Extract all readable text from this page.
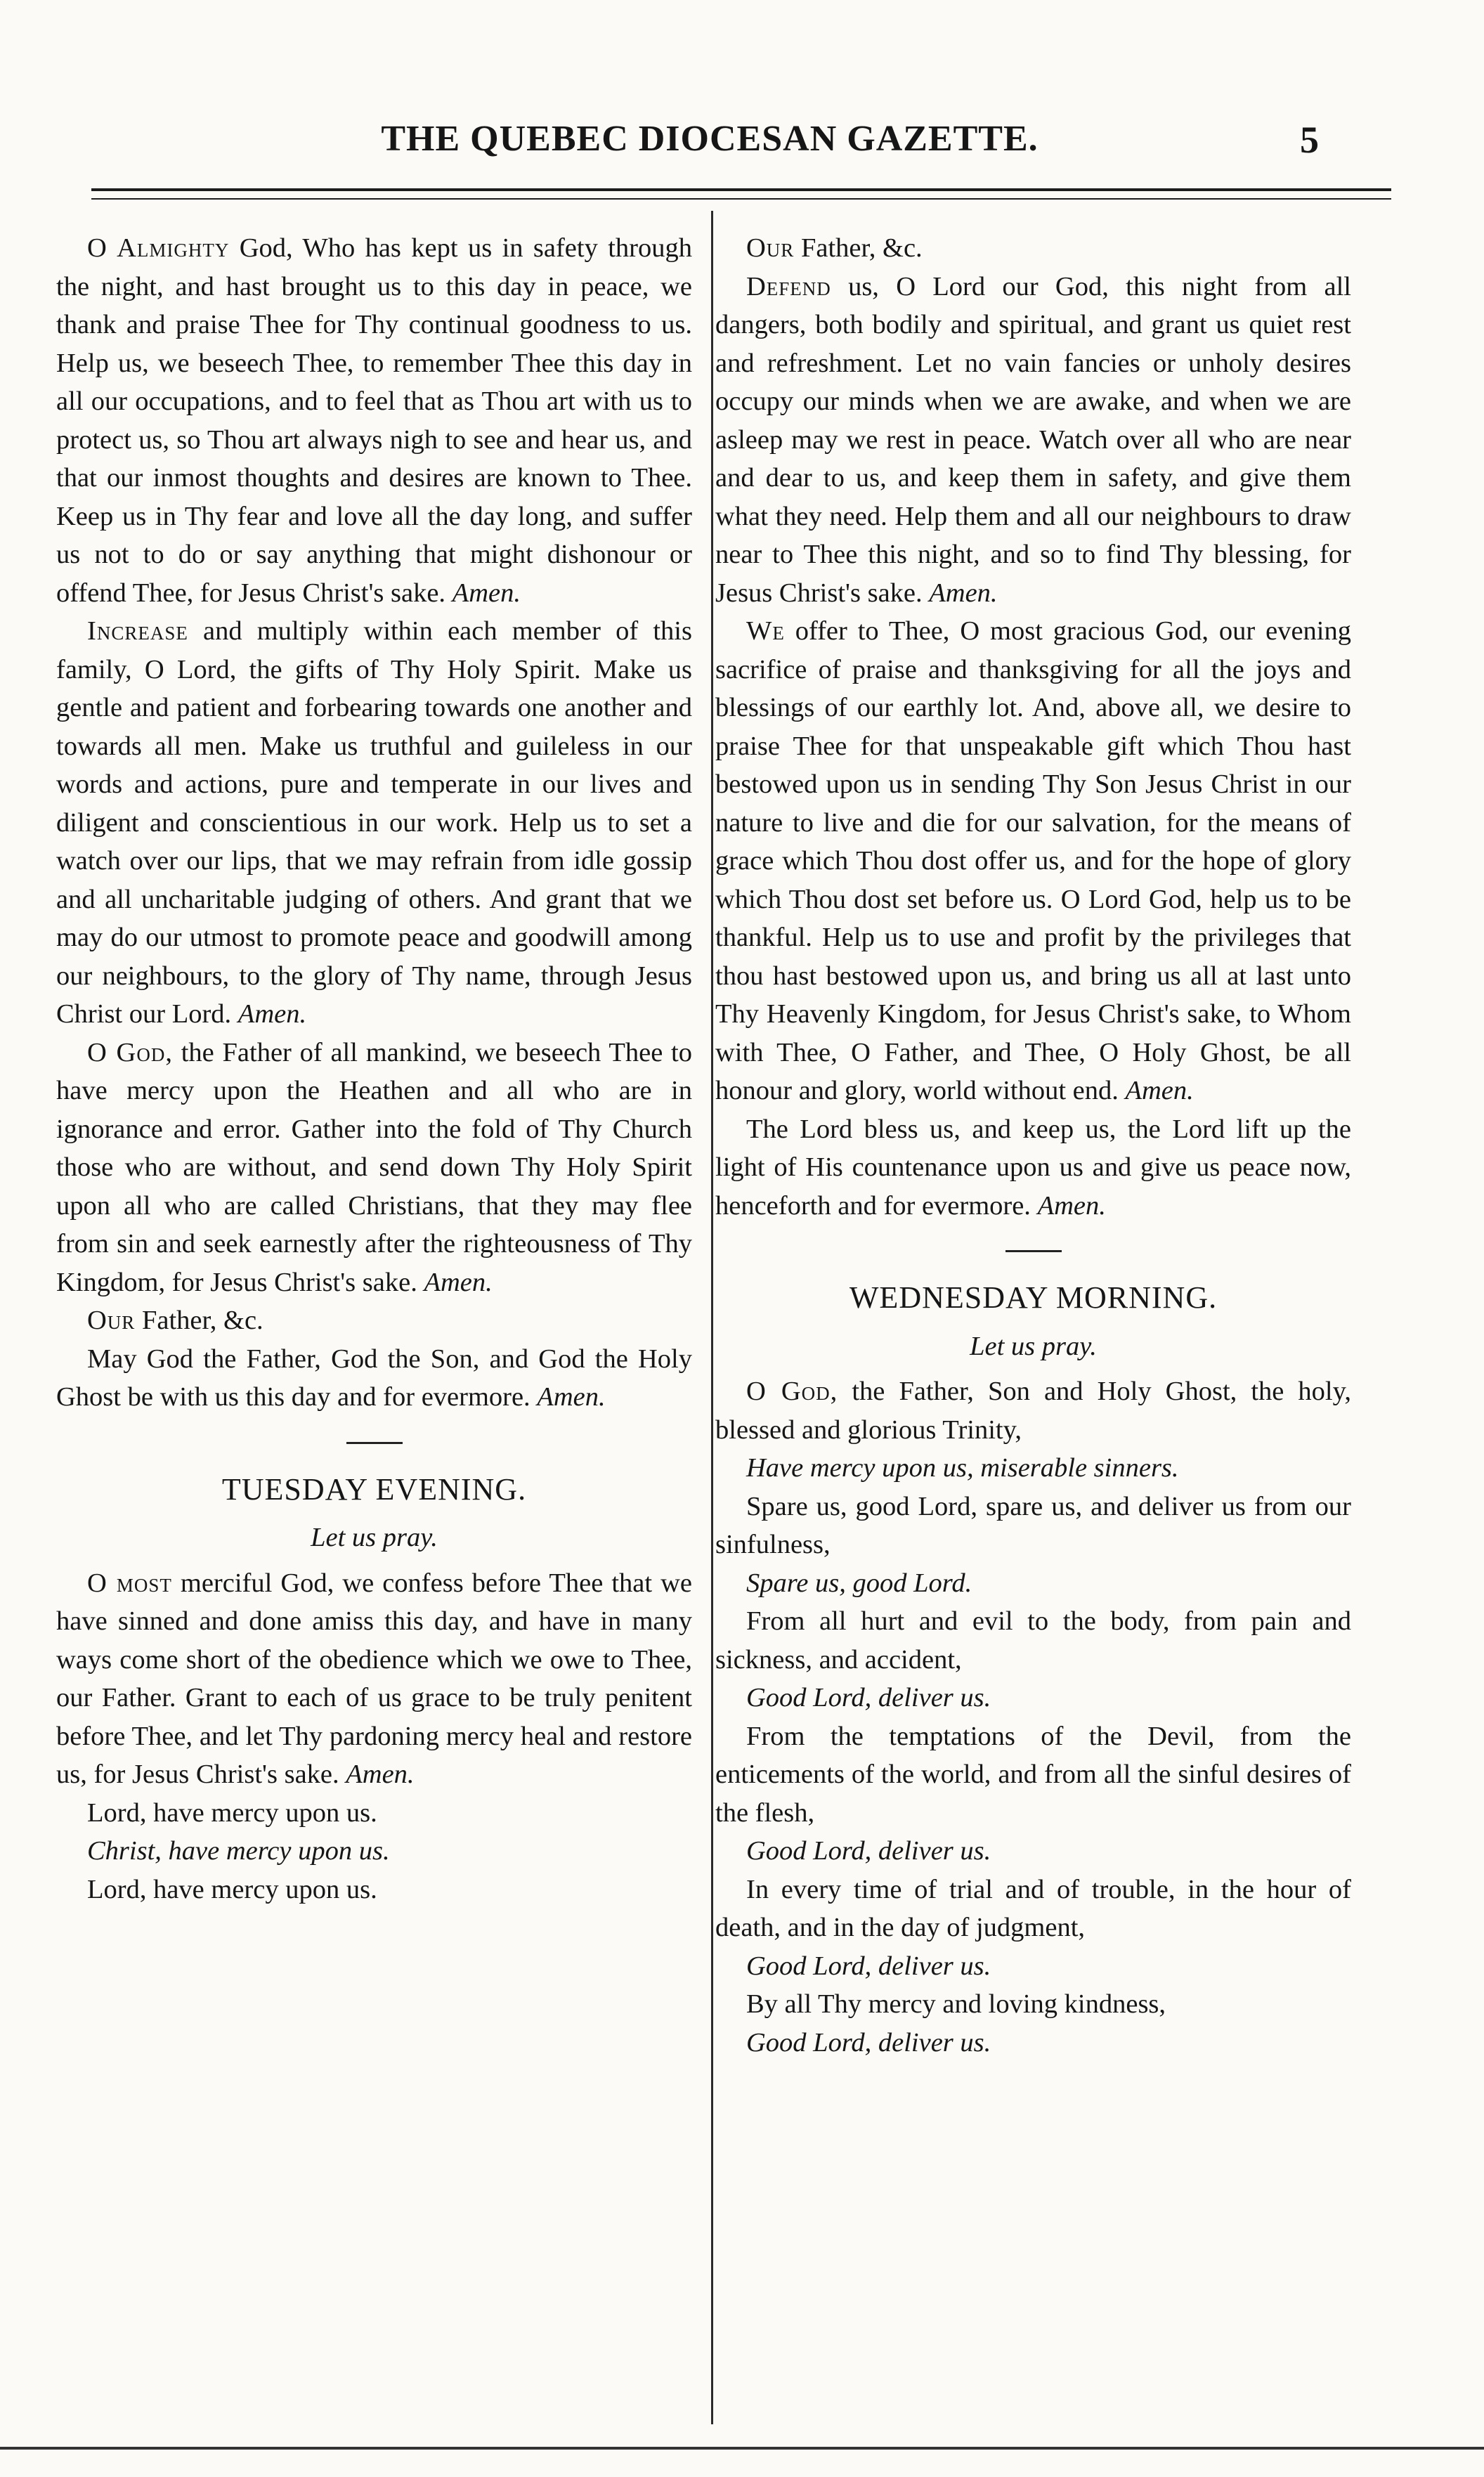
THE QUEBEC DIOCESAN GAZETTE.	5

O Almighty God, Who has kept us in safety through the night, and hast brought us to this day in peace, we thank and praise Thee for Thy continual goodness to us. Help us, we beseech Thee, to remember Thee this day in all our occupations, and to feel that as Thou art with us to protect us, so Thou art always nigh to see and hear us, and that our inmost thoughts and desires are known to Thee. Keep us in Thy fear and love all the day long, and suffer us not to do or say anything that might dishonour or offend Thee, for Jesus Christ's sake. Amen.

Increase and multiply within each member of this family, O Lord, the gifts of Thy Holy Spirit. Make us gentle and patient and forbearing towards one another and towards all men. Make us truthful and guileless in our words and actions, pure and temperate in our lives and diligent and conscientious in our work. Help us to set a watch over our lips, that we may refrain from idle gossip and all uncharitable judging of others. And grant that we may do our utmost to promote peace and goodwill among our neighbours, to the glory of Thy name, through Jesus Christ our Lord. Amen.

O God, the Father of all mankind, we beseech Thee to have mercy upon the Heathen and all who are in ignorance and error. Gather into the fold of Thy Church those who are without, and send down Thy Holy Spirit upon all who are called Christians, that they may flee from sin and seek earnestly after the righteousness of Thy Kingdom, for Jesus Christ's sake. Amen.

Our Father, &c.

May God the Father, God the Son, and God the Holy Ghost be with us this day and for evermore. Amen.

TUESDAY EVENING.
Let us pray.

O most merciful God, we confess before Thee that we have sinned and done amiss this day, and have in many ways come short of the obedience which we owe to Thee, our Father. Grant to each of us grace to be truly penitent before Thee, and let Thy pardoning mercy heal and restore us, for Jesus Christ's sake. Amen.

Lord, have mercy upon us.

Christ, have mercy upon us.

Lord, have mercy upon us.

Our Father, &c.

Defend us, O Lord our God, this night from all dangers, both bodily and spiritual, and grant us quiet rest and refreshment. Let no vain fancies or unholy desires occupy our minds when we are awake, and when we are asleep may we rest in peace. Watch over all who are near and dear to us, and keep them in safety, and give them what they need. Help them and all our neighbours to draw near to Thee this night, and so to find Thy blessing, for Jesus Christ's sake. Amen.

We offer to Thee, O most gracious God, our evening sacrifice of praise and thanksgiving for all the joys and blessings of our earthly lot. And, above all, we desire to praise Thee for that unspeakable gift which Thou hast bestowed upon us in sending Thy Son Jesus Christ in our nature to live and die for our salvation, for the means of grace which Thou dost offer us, and for the hope of glory which Thou dost set before us. O Lord God, help us to be thankful. Help us to use and profit by the privileges that thou hast bestowed upon us, and bring us all at last unto Thy Heavenly Kingdom, for Jesus Christ's sake, to Whom with Thee, O Father, and Thee, O Holy Ghost, be all honour and glory, world without end. Amen.

The Lord bless us, and keep us, the Lord lift up the light of His countenance upon us and give us peace now, henceforth and for evermore. Amen.

WEDNESDAY MORNING.
Let us pray.

O God, the Father, Son and Holy Ghost, the holy, blessed and glorious Trinity,

Have mercy upon us, miserable sinners.

Spare us, good Lord, spare us, and deliver us from our sinfulness,

Spare us, good Lord.

From all hurt and evil to the body, from pain and sickness, and accident,

Good Lord, deliver us.

From the temptations of the Devil, from the enticements of the world, and from all the sinful desires of the flesh,

Good Lord, deliver us.

In every time of trial and of trouble, in the hour of death, and in the day of judgment,

Good Lord, deliver us.

By all Thy mercy and loving kindness,

Good Lord, deliver us.
